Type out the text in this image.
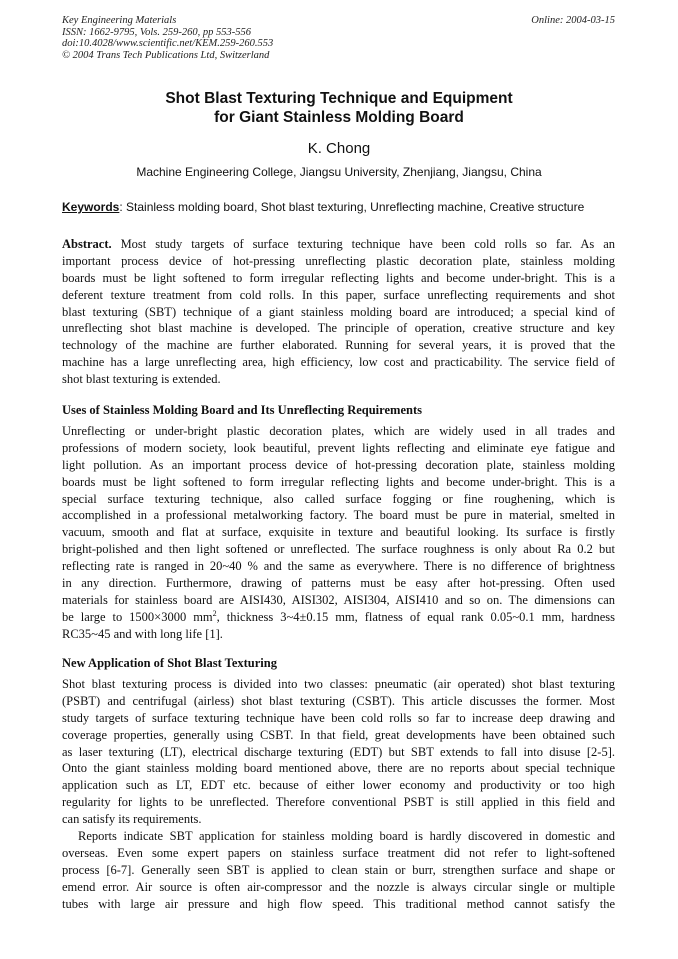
Key Engineering Materials
ISSN: 1662-9795, Vols. 259-260, pp 553-556
doi:10.4028/www.scientific.net/KEM.259-260.553
© 2004 Trans Tech Publications Ltd, Switzerland
Online: 2004-03-15
Shot Blast Texturing Technique and Equipment
for Giant Stainless Molding Board
K. Chong
Machine Engineering College, Jiangsu University, Zhenjiang, Jiangsu, China
Keywords: Stainless molding board, Shot blast texturing, Unreflecting machine, Creative structure
Abstract. Most study targets of surface texturing technique have been cold rolls so far. As an
important process device of hot-pressing unreflecting plastic decoration plate, stainless molding
boards must be light softened to form irregular reflecting lights and become under-bright. This is a
deferent texture treatment from cold rolls. In this paper, surface unreflecting requirements and shot
blast texturing (SBT) technique of a giant stainless molding board are introduced; a special kind of
unreflecting shot blast machine is developed. The principle of operation, creative structure and key
technology of the machine are further elaborated. Running for several years, it is proved that the
machine has a large unreflecting area, high efficiency, low cost and practicability. The service field of
shot blast texturing is extended.
Uses of Stainless Molding Board and Its Unreflecting Requirements
Unreflecting or under-bright plastic decoration plates, which are widely used in all trades and
professions of modern society, look beautiful, prevent lights reflecting and eliminate eye fatigue and
light pollution. As an important process device of hot-pressing decoration plate, stainless molding
boards must be light softened to form irregular reflecting lights and become under-bright. This is a
special surface texturing technique, also called surface fogging or fine roughening, which is
accomplished in a professional metalworking factory. The board must be pure in material, smelted in
vacuum, smooth and flat at surface, exquisite in texture and beautiful looking. Its surface is firstly
bright-polished and then light softened or unreflected. The surface roughness is only about Ra 0.2 but
reflecting rate is ranged in 20~40 % and the same as everywhere. There is no difference of brightness
in any direction. Furthermore, drawing of patterns must be easy after hot-pressing. Often used
materials for stainless board are AISI430, AISI302, AISI304, AISI410 and so on. The dimensions can
be large to 1500×3000 $mm^2$, thickness 3~4±0.15 mm, flatness of equal rank 0.05~0.1 mm, hardness
RC35~45 and with long life [1].
New Application of Shot Blast Texturing
Shot blast texturing process is divided into two classes: pneumatic (air operated) shot blast texturing
(PSBT) and centrifugal (airless) shot blast texturing (CSBT). This article discusses the former. Most
study targets of surface texturing technique have been cold rolls so far to increase deep drawing and
coverage properties, generally using CSBT. In that field, great developments have been obtained such
as laser texturing (LT), electrical discharge texturing (EDT) but SBT extends to fall into disuse [2-5].
Onto the giant stainless molding board mentioned above, there are no reports about special technique
application such as LT, EDT etc. because of either lower economy and productivity or too high
regularity for lights to be unreflected. Therefore conventional PSBT is still applied in this field and
can satisfy its requirements.
Reports indicate SBT application for stainless molding board is hardly discovered in domestic and
overseas. Even some expert papers on stainless surface treatment did not refer to light-softened
process [6-7]. Generally seen SBT is applied to clean stain or burr, strengthen surface and shape or
emend error. Air source is often air-compressor and the nozzle is always circular single or multiple
tubes with large air pressure and high flow speed. This traditional method cannot satisfy the
